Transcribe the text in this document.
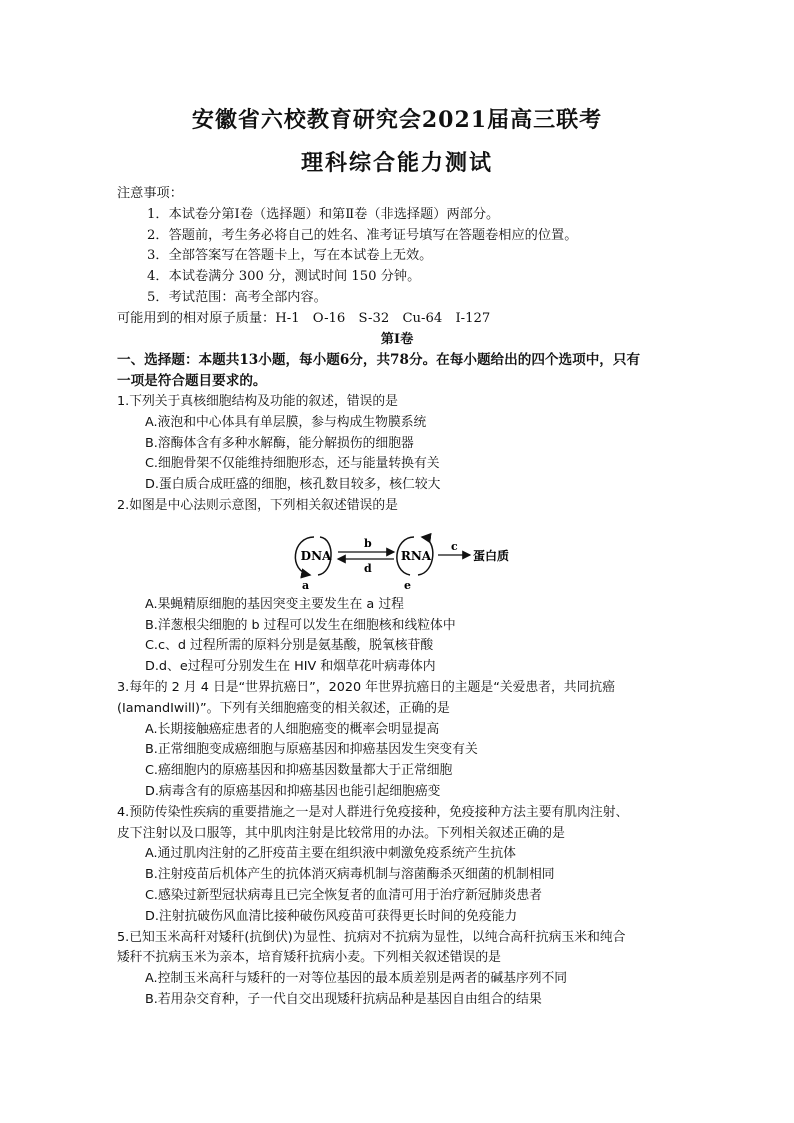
安徽省六校教育研究会2021届高三联考
理科综合能力测试
注意事项：
1．本试卷分第Ⅰ卷（选择题）和第Ⅱ卷（非选择题）两部分。
2．答题前，考生务必将自己的姓名、准考证号填写在答题卷相应的位置。
3．全部答案写在答题卡上，写在本试卷上无效。
4．本试卷满分 300 分，测试时间 150 分钟。
5．考试范围：高考全部内容。
可能用到的相对原子质量：H-1　O-16　S-32　Cu-64　I-127
第Ⅰ卷
一、选择题：本题共13小题，每小题6分，共78分。在每小题给出的四个选项中，只有
一项是符合题目要求的。
1.下列关于真核细胞结构及功能的叙述，错误的是
A.液泡和中心体具有单层膜，参与构成生物膜系统
B.溶酶体含有多种水解酶，能分解损伤的细胞器
C.细胞骨架不仅能维持细胞形态，还与能量转换有关
D.蛋白质合成旺盛的细胞，核孔数目较多，核仁较大
2.如图是中心法则示意图，下列相关叙述错误的是
DNA
a
b
d
RNA
e
c
蛋白质
A.果蝇精原细胞的基因突变主要发生在 a 过程
B.洋葱根尖细胞的 b 过程可以发生在细胞核和线粒体中
C.c、d 过程所需的原料分别是氨基酸，脱氧核苷酸
D.d、e过程可分别发生在 HIV 和烟草花叶病毒体内
3.每年的 2 月 4 日是“世界抗癌日”，2020 年世界抗癌日的主题是“关爱患者，共同抗癌
(IamandIwill)”。下列有关细胞癌变的相关叙述，正确的是
A.长期接触癌症患者的人细胞癌变的概率会明显提高
B.正常细胞变成癌细胞与原癌基因和抑癌基因发生突变有关
C.癌细胞内的原癌基因和抑癌基因数量都大于正常细胞
D.病毒含有的原癌基因和抑癌基因也能引起细胞癌变
4.预防传染性疾病的重要措施之一是对人群进行免疫接种，免疫接种方法主要有肌肉注射、
皮下注射以及口服等，其中肌肉注射是比较常用的办法。下列相关叙述正确的是
A.通过肌肉注射的乙肝疫苗主要在组织液中刺激免疫系统产生抗体
B.注射疫苗后机体产生的抗体消灭病毒机制与溶菌酶杀灭细菌的机制相同
C.感染过新型冠状病毒且已完全恢复者的血清可用于治疗新冠肺炎患者
D.注射抗破伤风血清比接种破伤风疫苗可获得更长时间的免疫能力
5.已知玉米高秆对矮秆(抗倒伏)为显性、抗病对不抗病为显性，以纯合高秆抗病玉米和纯合
矮秆不抗病玉米为亲本，培育矮秆抗病小麦。下列相关叙述错误的是
A.控制玉米高秆与矮秆的一对等位基因的最本质差别是两者的碱基序列不同
B.若用杂交育种，子一代自交出现矮秆抗病品种是基因自由组合的结果
